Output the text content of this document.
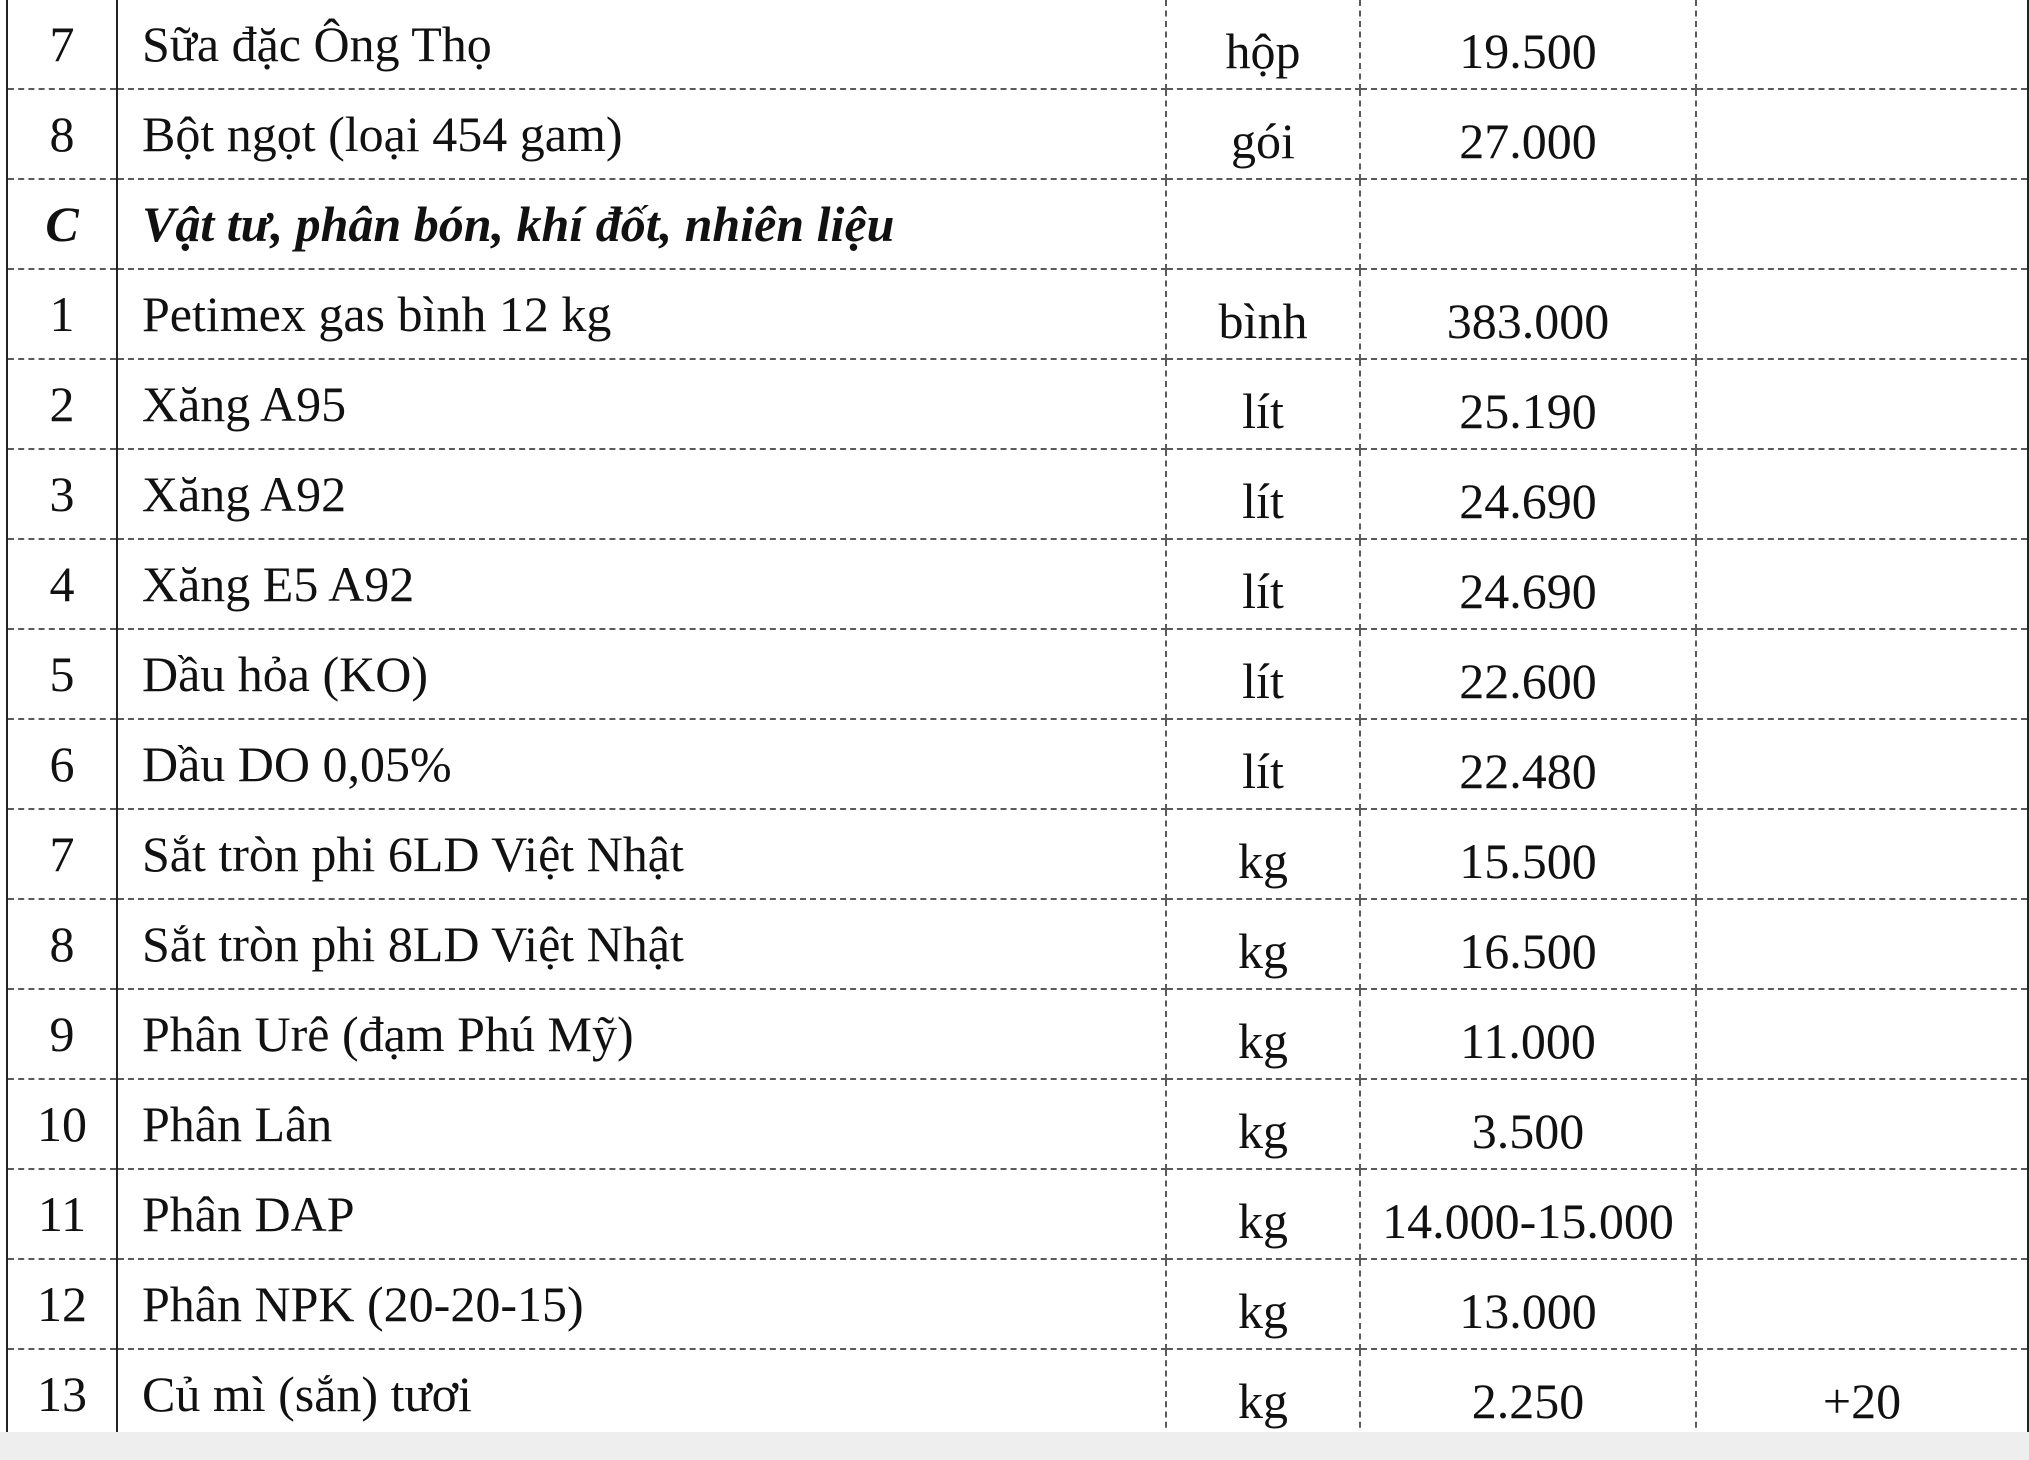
7	Sữa đặc Ông Thọ	hộp	19.500	
8	Bột ngọt (loại 454 gam)	gói	27.000	
C	Vật tư, phân bón, khí đốt, nhiên liệu			
1	Petimex gas bình 12 kg	bình	383.000	
2	Xăng A95	lít	25.190	
3	Xăng A92	lít	24.690	
4	Xăng E5 A92	lít	24.690	
5	Dầu hỏa (KO)	lít	22.600	
6	Dầu DO 0,05%	lít	22.480	
7	Sắt tròn phi 6LD Việt Nhật	kg	15.500	
8	Sắt tròn phi 8LD Việt Nhật	kg	16.500	
9	Phân Urê (đạm Phú Mỹ)	kg	11.000	
10	Phân Lân	kg	3.500	
11	Phân DAP	kg	14.000-15.000	
12	Phân NPK (20-20-15)	kg	13.000	
13	Củ mì (sắn) tươi	kg	2.250	+20
